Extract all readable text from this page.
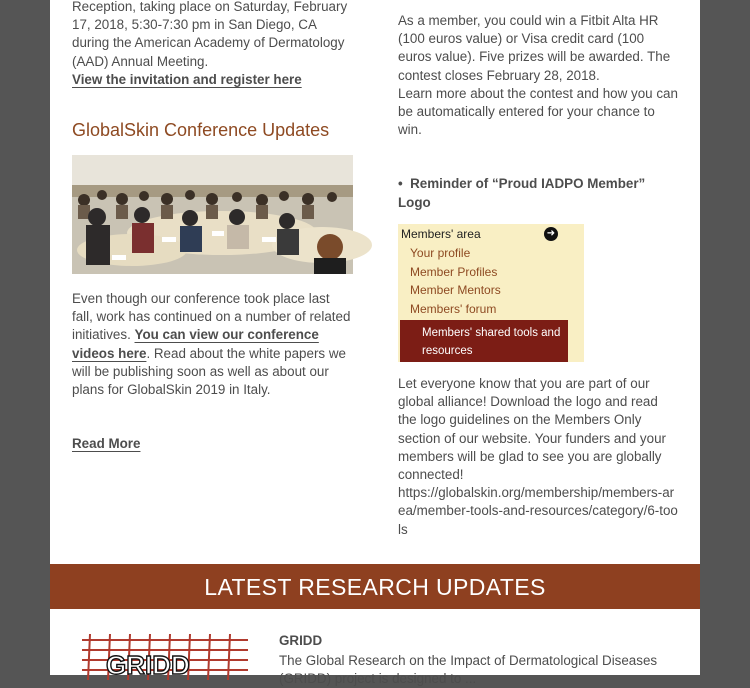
Reception, taking place on Saturday, February 17, 2018, 5:30-7:30 pm in San Diego, CA during the American Academy of Dermatology (AAD) Annual Meeting.

View the invitation and register here

GlobalSkin Conference Updates

Even though our conference took place last fall, work has continued on a number of related initiatives. You can view our conference videos here. Read about the white papers we will be publishing soon as well as about our plans for GlobalSkin 2019 in Italy.

Read More

As a member, you could win a Fitbit Alta HR (100 euros value) or Visa credit card (100 euros value). Five prizes will be awarded. The contest closes February 28, 2018.

Learn more about the contest and how you can be automatically entered for your chance to win.

•  Reminder of “Proud IADPO Member” Logo
Members' area	➜
Your profile
Member Profiles
Member Mentors
Members' forum
Members' shared tools and resources

Let everyone know that you are part of our global alliance! Download the logo and read the logo guidelines on the Members Only section of our website. Your funders and your members will be glad to see you are globally connected!

https://globalskin.org/membership/members-area/member-tools-and-resources/category/6-tools

LATEST RESEARCH UPDATES
GRIDD
GRIDD

The Global Research on the Impact of Dermatological Diseases (GRIDD) project is designed to ...
